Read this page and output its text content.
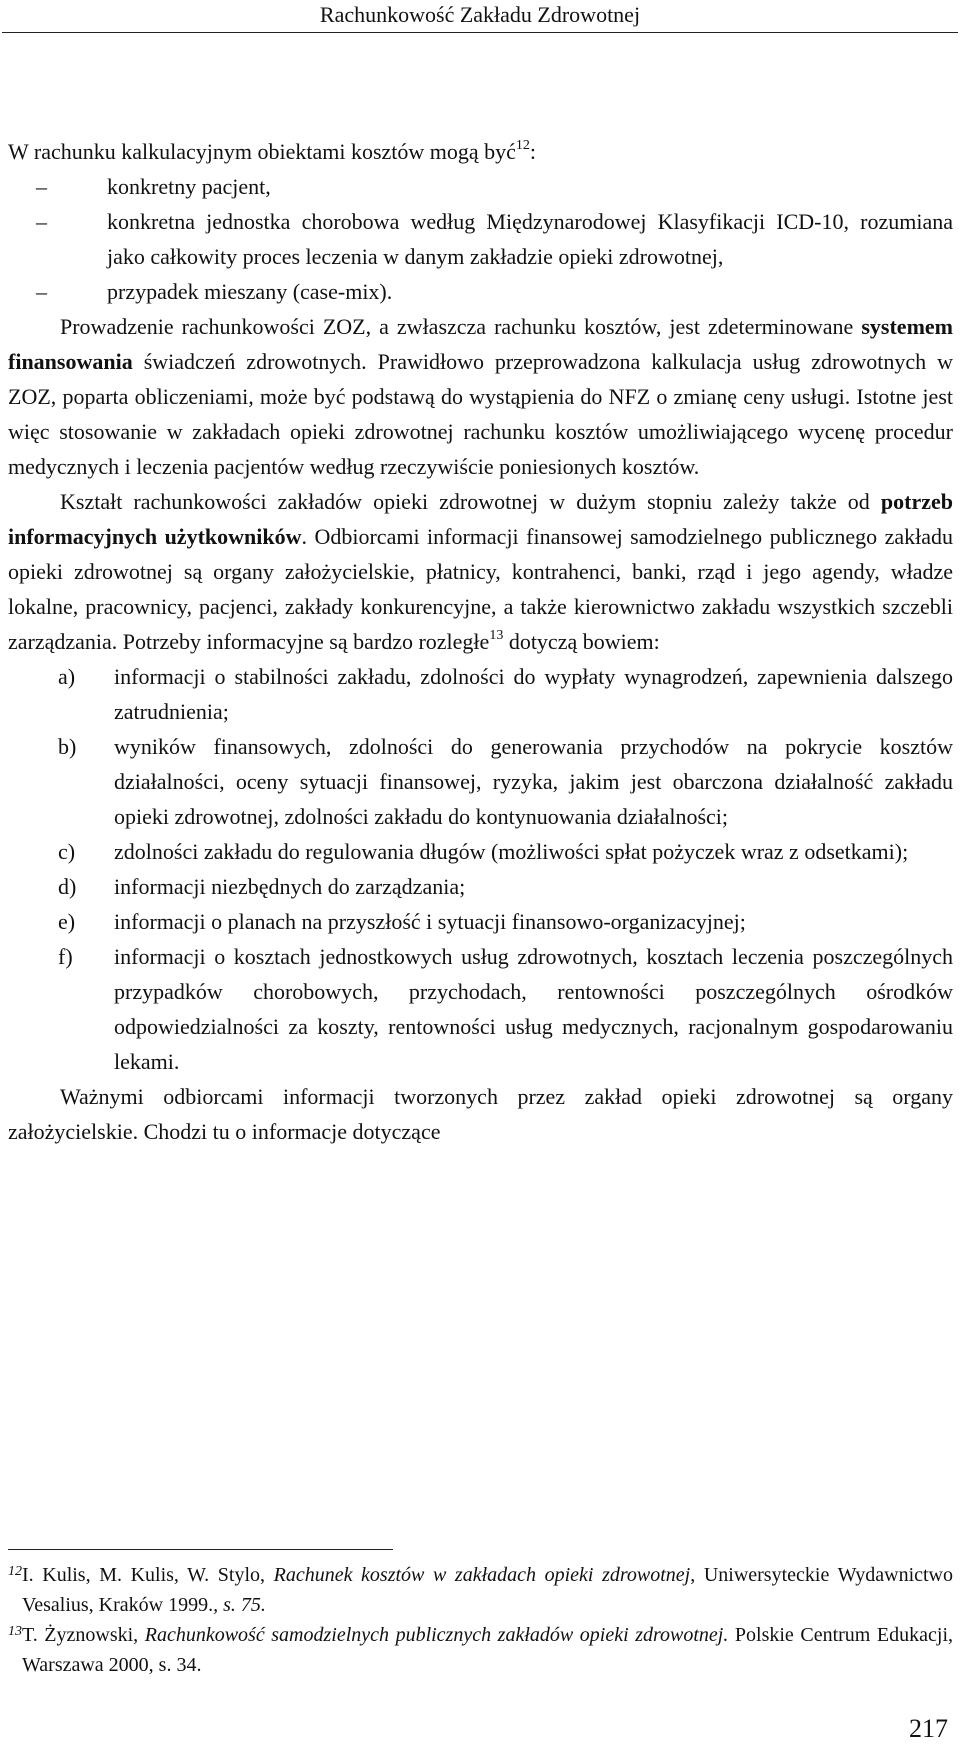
Rachunkowość Zakładu Zdrowotnej

W rachunku kalkulacyjnym obiektami kosztów mogą być$^{12}$:

–	konkretny pacjent,
–	konkretna jednostka chorobowa według Międzynarodowej Klasyfikacji ICD-10, rozumiana jako całkowity proces leczenia w danym zakładzie opieki zdrowotnej,
–	przypadek mieszany (case-mix).

Prowadzenie rachunkowości ZOZ, a zwłaszcza rachunku kosztów, jest zdeterminowane systemem finansowania świadczeń zdrowotnych. Prawidłowo przeprowadzona kalkulacja usług zdrowotnych w ZOZ, poparta obliczeniami, może być podstawą do wystąpienia do NFZ o zmianę ceny usługi. Istotne jest więc stosowanie w zakładach opieki zdrowotnej rachunku kosztów umożliwiającego wycenę procedur medycznych i leczenia pacjentów według rzeczywiście poniesionych kosztów.

Kształt rachunkowości zakładów opieki zdrowotnej w dużym stopniu zależy także od potrzeb informacyjnych użytkowników. Odbiorcami informacji finansowej samodzielnego publicznego zakładu opieki zdrowotnej są organy założycielskie, płatnicy, kontrahenci, banki, rząd i jego agendy, władze lokalne, pracownicy, pacjenci, zakłady konkurencyjne, a także kierownictwo zakładu wszystkich szczebli zarządzania. Potrzeby informacyjne są bardzo rozległe$^{13}$ dotyczą bowiem:

a) informacji o stabilności zakładu, zdolności do wypłaty wynagrodzeń, zapewnienia dalszego zatrudnienia;
b) wyników finansowych, zdolności do generowania przychodów na pokrycie kosztów działalności, oceny sytuacji finansowej, ryzyka, jakim jest obarczona działalność zakładu opieki zdrowotnej, zdolności zakładu do kontynuowania działalności;
c) zdolności zakładu do regulowania długów (możliwości spłat pożyczek wraz z odsetkami);
d) informacji niezbędnych do zarządzania;
e) informacji o planach na przyszłość i sytuacji finansowo-organizacyjnej;
f) informacji o kosztach jednostkowych usług zdrowotnych, kosztach leczenia poszczególnych przypadków chorobowych, przychodach, rentowności poszczególnych ośrodków odpowiedzialności za koszty, rentowności usług medycznych, racjonalnym gospodarowaniu lekami.

Ważnymi odbiorcami informacji tworzonych przez zakład opieki zdrowotnej są organy założycielskie. Chodzi tu o informacje dotyczące

12 I. Kulis, M. Kulis, W. Stylo, Rachunek kosztów w zakładach opieki zdrowotnej, Uniwersyteckie Wydawnictwo Vesalius, Kraków 1999., s. 75.
13 T. Żyznowski, Rachunkowość samodzielnych publicznych zakładów opieki zdrowotnej. Polskie Centrum Edukacji, Warszawa 2000, s. 34.
217
